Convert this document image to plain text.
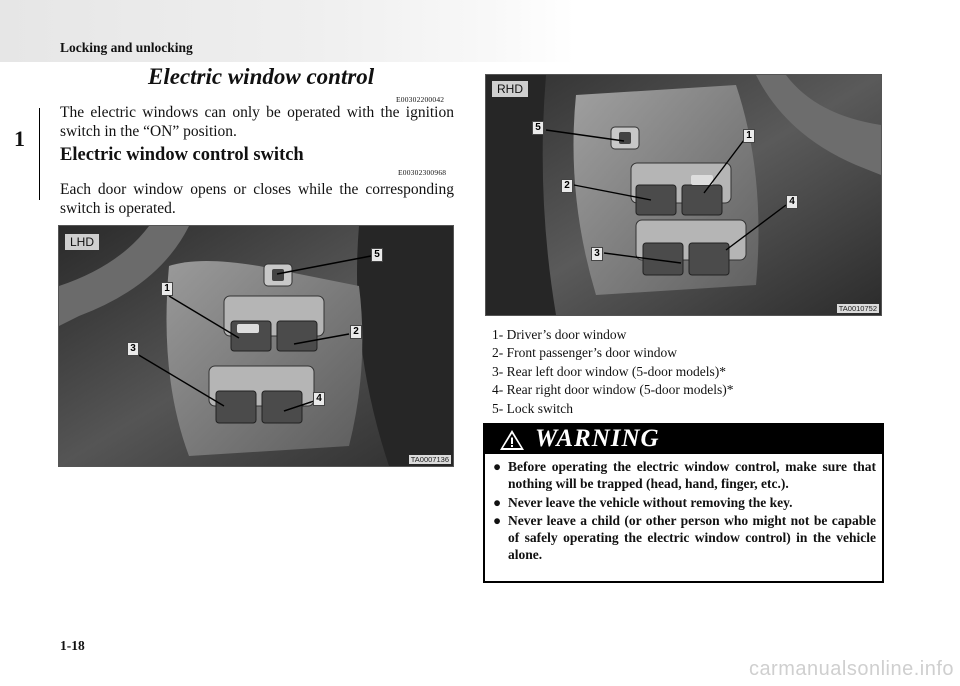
Locking and unlocking
1
Electric window control
E00302200042

The electric windows can only be operated with the ignition switch in the “ON” position.

Electric window control switch
E00302300968

Each door window opens or closes while the corresponding switch is operated.

LHD
5
1
2
3
4
TA0007136
RHD
5
1
2
4
3
TA0010752
1- Driver’s door window
2- Front passenger’s door window
3- Rear left door window (5-door models)*
4- Rear right door window (5-door models)*
5- Lock switch
WARNING
● Before operating the electric window control, make sure that nothing will be trapped (head, hand, finger, etc.).
● Never leave the vehicle without removing the key.
● Never leave a child (or other person who might not be capable of safely operating the electric window control) in the vehicle alone.
1-18
carmanualsonline.info
